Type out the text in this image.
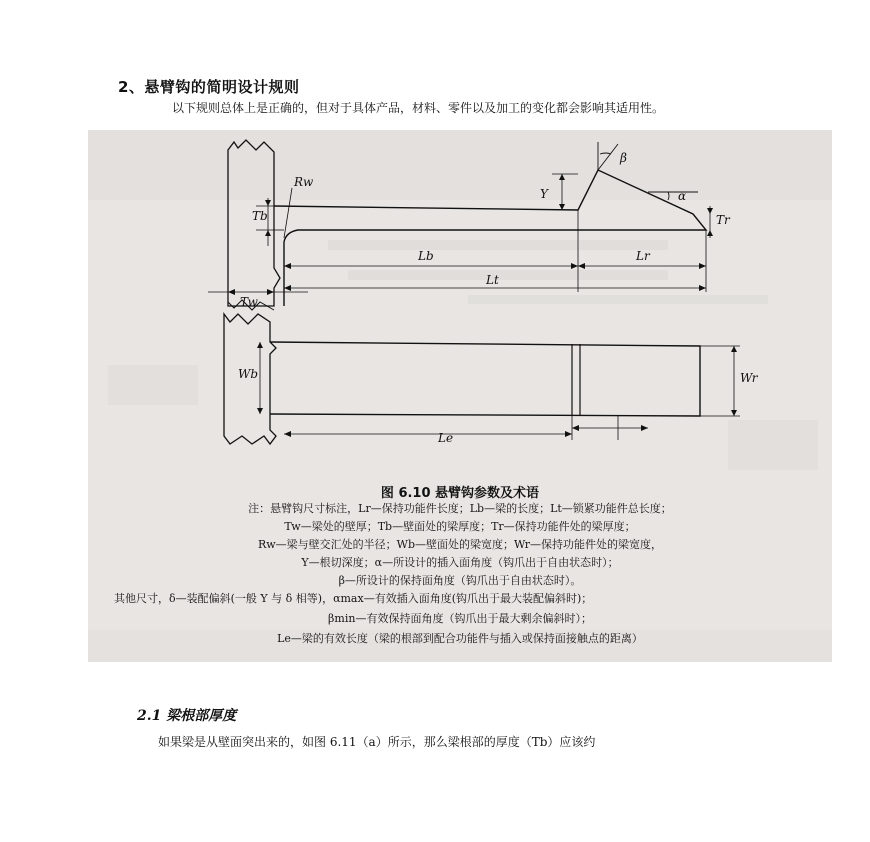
2、悬臂钩的简明设计规则
以下规则总体上是正确的，但对于具体产品，材料、零件以及加工的变化都会影响其适用性。
Rw
Tb
Y
β
α
Tr
Lb	Lr
Lt
Tw
Wb	Wr
Le
图 6.10 悬臂钩参数及术语
注：悬臂钩尺寸标注，Lr—保持功能件长度；Lb—梁的长度；Lt—锁紧功能件总长度；
Tw—梁处的壁厚；Tb—壁面处的梁厚度；Tr—保持功能件处的梁厚度；
Rw—梁与壁交汇处的半径；Wb—壁面处的梁宽度；Wr—保持功能件处的梁宽度，
Y—根切深度；α—所设计的插入面角度（钩爪出于自由状态时）；
β—所设计的保持面角度（钩爪出于自由状态时）。
其他尺寸，δ—装配偏斜(一般 Y 与 δ 相等)，αmax—有效插入面角度(钩爪出于最大装配偏斜时)；
βmin—有效保持面角度（钩爪出于最大剩余偏斜时）；
Le—梁的有效长度（梁的根部到配合功能件与插入或保持面接触点的距离）
2.1 梁根部厚度
如果梁是从壁面突出来的，如图 6.11（a）所示，那么梁根部的厚度（Tb）应该约
